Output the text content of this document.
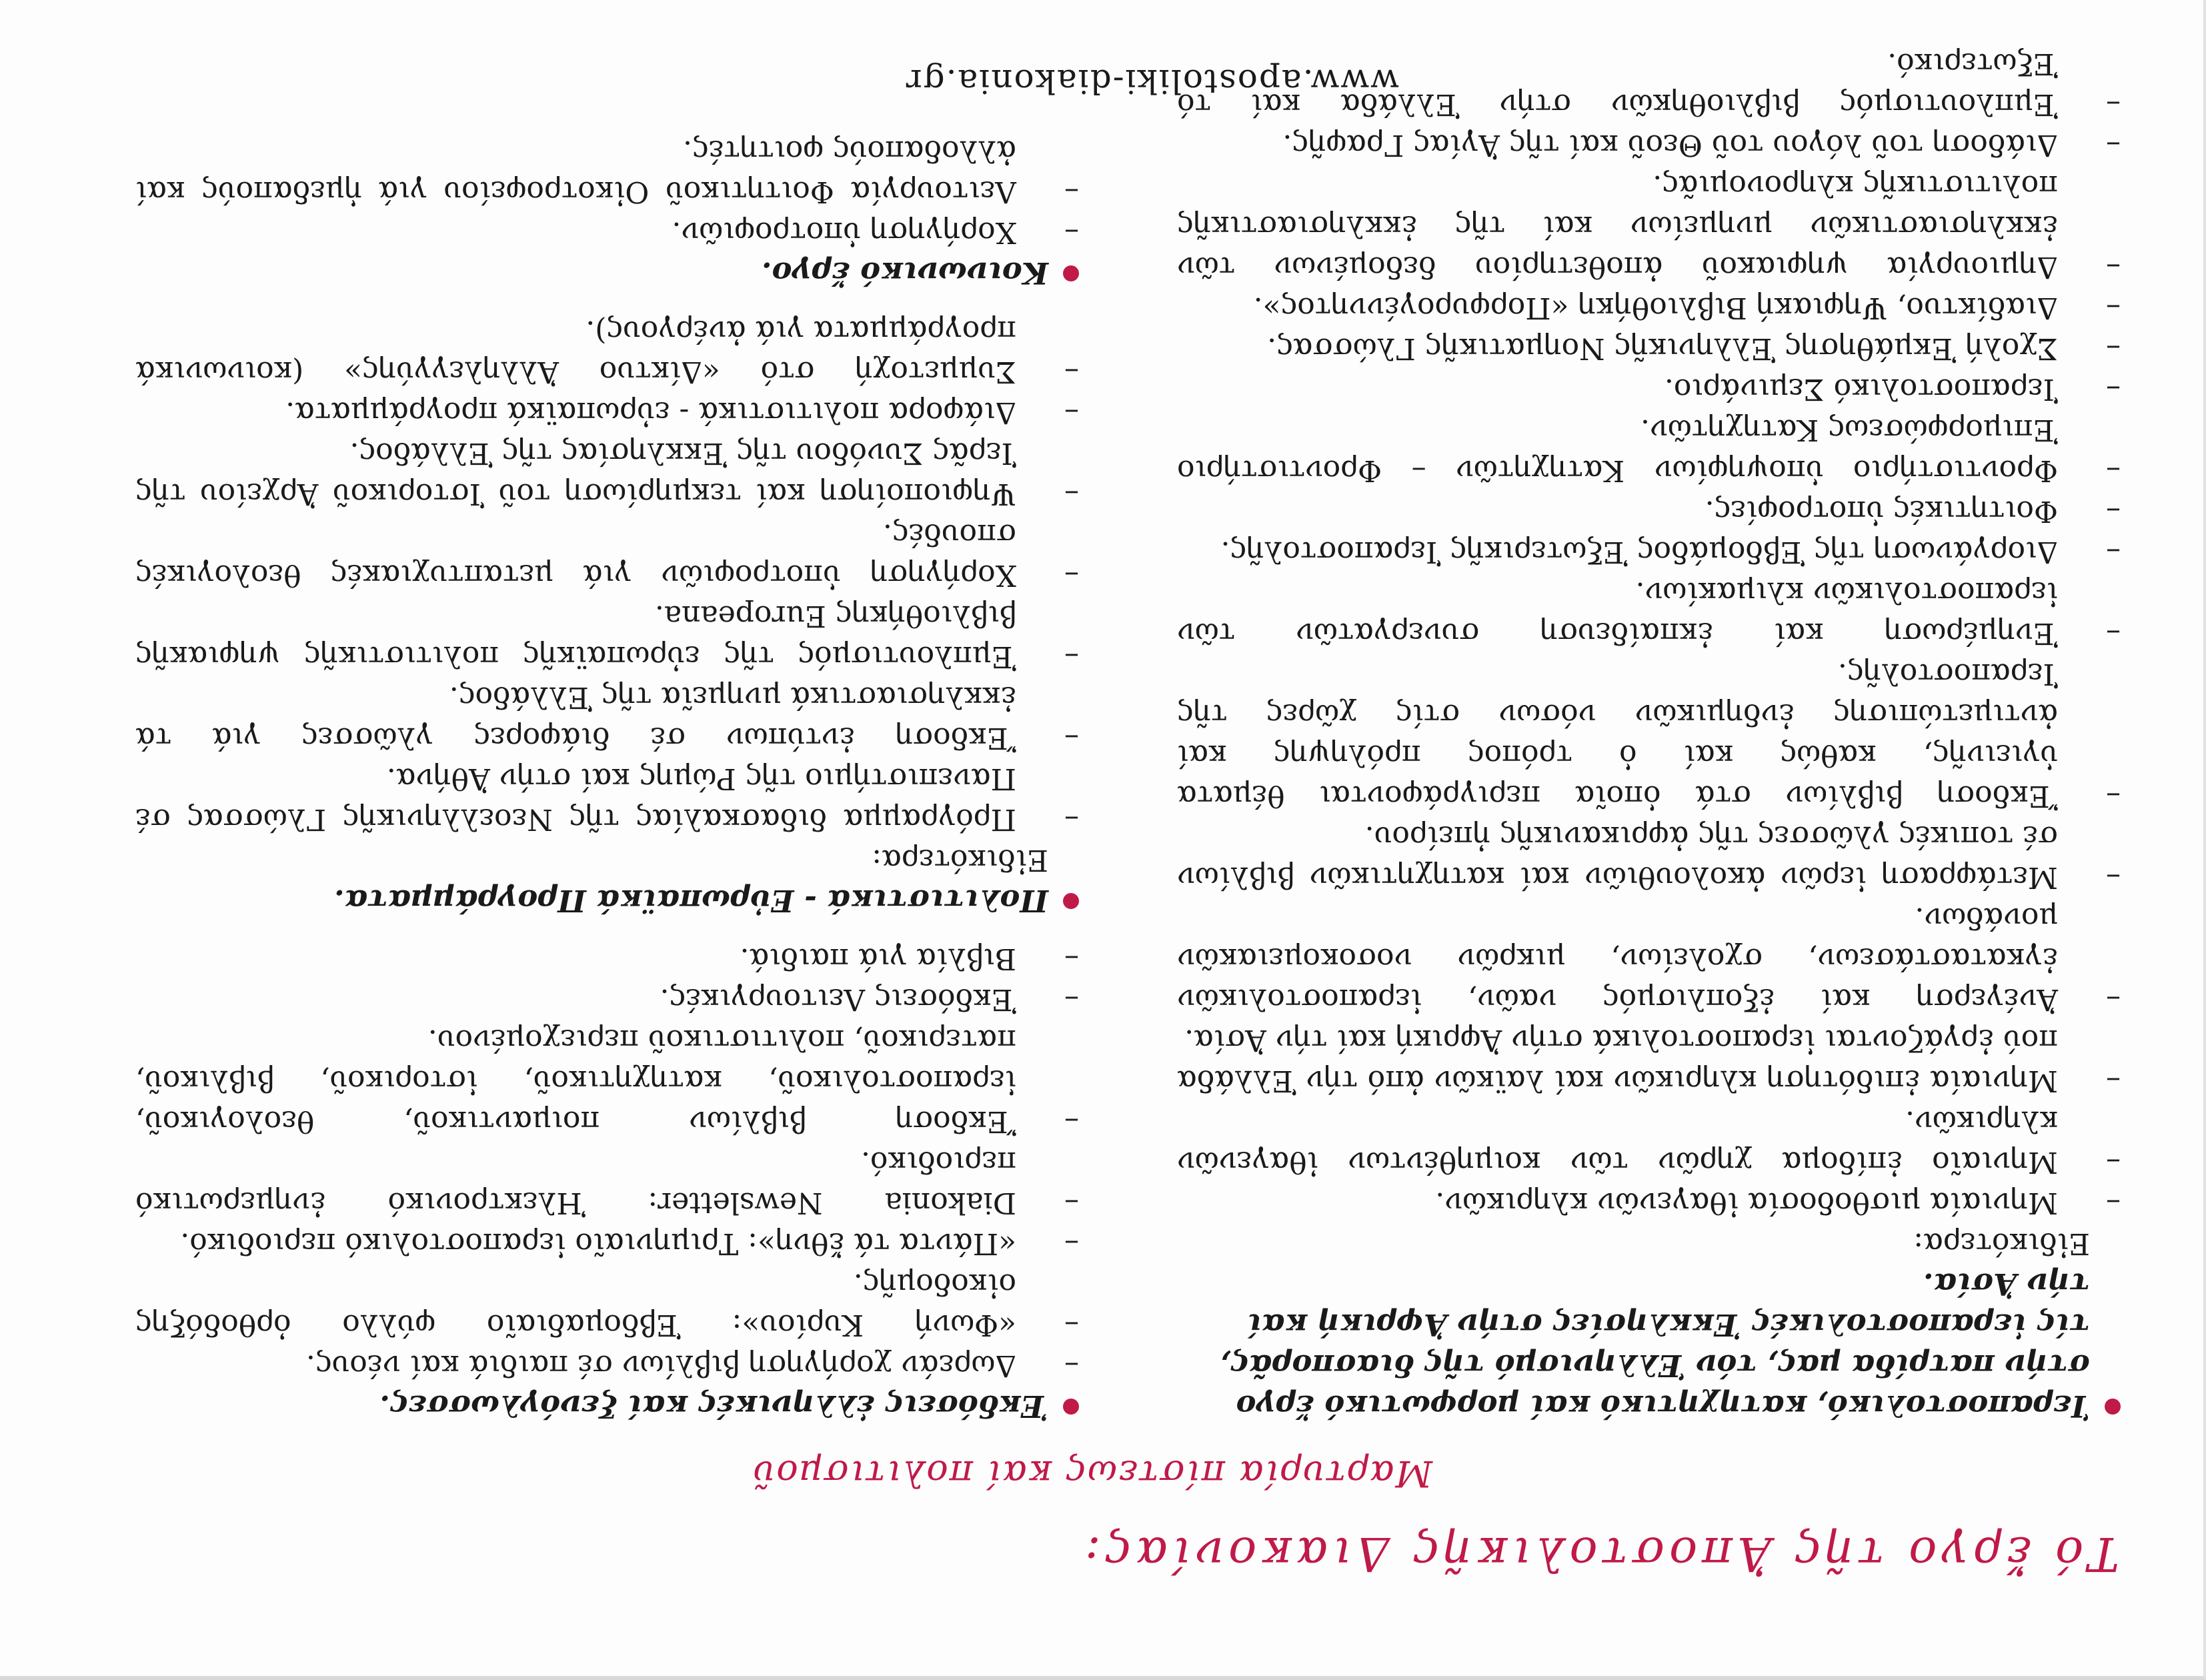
Τό ἔργο τῆς Ἀποστολικῆς Διακονίας:
Μαρτυρία πίστεως καί πολιτισμοῦ
Ἱεραποστολικό, κατηχητικό καί μορφωτικό ἔργο στήν πατρίδα μας, τόν Ἑλληνισμό τῆς διασπορᾶς, τίς ἱεραποστολικές Ἐκκλησίες στήν Ἀφρική καί τήν Ἀσία.
Εἰδικότερα:
–
Μηνιαία μισθοδοσία ἰθαγενῶν κληρικῶν.
–
Μηνιαῖο ἐπίδομα χηρῶν τῶν κοιμηθέντων ἰθαγενῶν κληρικῶν.
–
Μηνιαία ἐπιδότηση κληρικῶν καί λαϊκῶν ἀπό τήν Ἑλλάδα πού ἐργάζονται ἱεραποστολικά στήν Ἀφρική καί τήν Ἀσία.
–
Ἀνέγερση καί ἐξοπλισμός ναῶν, ἱεραποστολικῶν ἐγκαταστάσεων, σχολείων, μικρῶν νοσοκομειακῶν μονάδων.
–
Μετάφραση ἱερῶν ἀκολουθιῶν καί κατηχητικῶν βιβλίων σέ τοπικές γλῶσσες τῆς ἀφρικανικῆς ἠπείρου.
–
Ἔκδοση βιβλίων στά ὁποῖα περιγράφονται θέματα ὑγιεινῆς, καθώς καί ὁ τρόπος πρόληψης καί ἀντιμετώπισης ἐνδημικῶν νόσων στίς χῶρες τῆς Ἱεραποστολῆς.
–
Ἐνημέρωση καί ἐκπαίδευση συνεργατῶν τῶν ἱεραποστολικῶν κλιμακίων.
–
Διοργάνωση τῆς Ἑβδομάδος Ἐξωτερικῆς Ἱεραποστολῆς.
–
Φοιτητικές ὑποτροφίες.
–
Φροντιστήριο ὑποψηφίων Κατηχητῶν – Φροντιστήριο Ἐπιμορφώσεως Κατηχητῶν.
–
Ἱεραποστολικό Σεμινάριο.
–
Σχολή Ἐκμάθησης Ἑλληνικῆς Νοηματικῆς Γλώσσας.
–
Διαδίκτυο, Ψηφιακή Βιβλιοθήκη «Πορφυρογέννητος».
–
Δημιουργία ψηφιακοῦ ἀποθετηρίου δεδομένων τῶν ἐκκλησιαστικῶν μνημείων καί τῆς ἐκκλησιαστικῆς πολιτιστικῆς κληρονομιᾶς.
–
Διάδοση τοῦ λόγου τοῦ Θεοῦ καί τῆς Ἁγίας Γραφῆς.
–
Ἐμπλουτισμός βιβλιοθηκῶν στήν Ἑλλάδα καί τό Ἐξωτερικό.
Ἐκδόσεις ἑλληνικές καί ξενόγλωσσες.
–
Δωρεάν χορήγηση βιβλίων σέ παιδιά καί νέους.
–
«Φωνή Κυρίου»: Ἑβδομαδιαῖο φύλλο ὀρθοδόξης οἰκοδομῆς.
–
«Πάντα τά ἔθνη»: Τριμηνιαῖο ἱεραποστολικό περιοδικό.
–
Diakonia Newsletter: Ἠλεκτρονικό ἐνημερωτικό περιοδικό.
–
Ἔκδοση βιβλίων ποιμαντικοῦ, θεολογικοῦ, ἱεραποστολικοῦ, κατηχητικοῦ, ἱστορικοῦ, βιβλικοῦ, πατερικοῦ, πολιτιστικοῦ περιεχομένου.
–
Ἐκδόσεις Λειτουργικές.
–
Βιβλία γιά παιδιά.
Πολιτιστικά - Εὐρωπαϊκά Προγράμματα.
Εἰδικότερα:
–
Πρόγραμμα διδασκαλίας τῆς Νεοελληνικῆς Γλώσσας σέ Πανεπιστήμιο τῆς Ρώμης καί στήν Ἀθήνα.
–
Ἔκδοση ἐντύπων σέ διάφορες γλῶσσες γιά τά ἐκκλησιαστικά μνημεῖα τῆς Ἑλλάδος.
–
Ἐμπλουτισμός τῆς εὐρωπαϊκῆς πολιτιστικῆς ψηφιακῆς βιβλιοθήκης Europeana.
–
Χορήγηση ὑποτροφιῶν γιά μεταπτυχιακές θεολογικές σπουδές.
–
Ψηφιοποίηση καί τεκμηρίωση τοῦ Ἱστορικοῦ Ἀρχείου τῆς Ἱερᾶς Συνόδου τῆς Ἐκκλησίας τῆς Ἑλλάδος.
–
Διάφορα πολιτιστικά - εὐρωπαϊκά προγράμματα.
–
Συμμετοχή στό «Δίκτυο Ἀλληλεγγύης» (κοινωνικά προγράμματα γιά ἀνέργους).
Κοινωνικό ἔργο.
–
Χορήγηση ὑποτροφιῶν.
–
Λειτουργία Φοιτητικοῦ Οἰκοτροφείου γιά ἡμεδαπούς καί ἀλλοδαπούς φοιτητές.
www.apostoliki-diakonia.gr
